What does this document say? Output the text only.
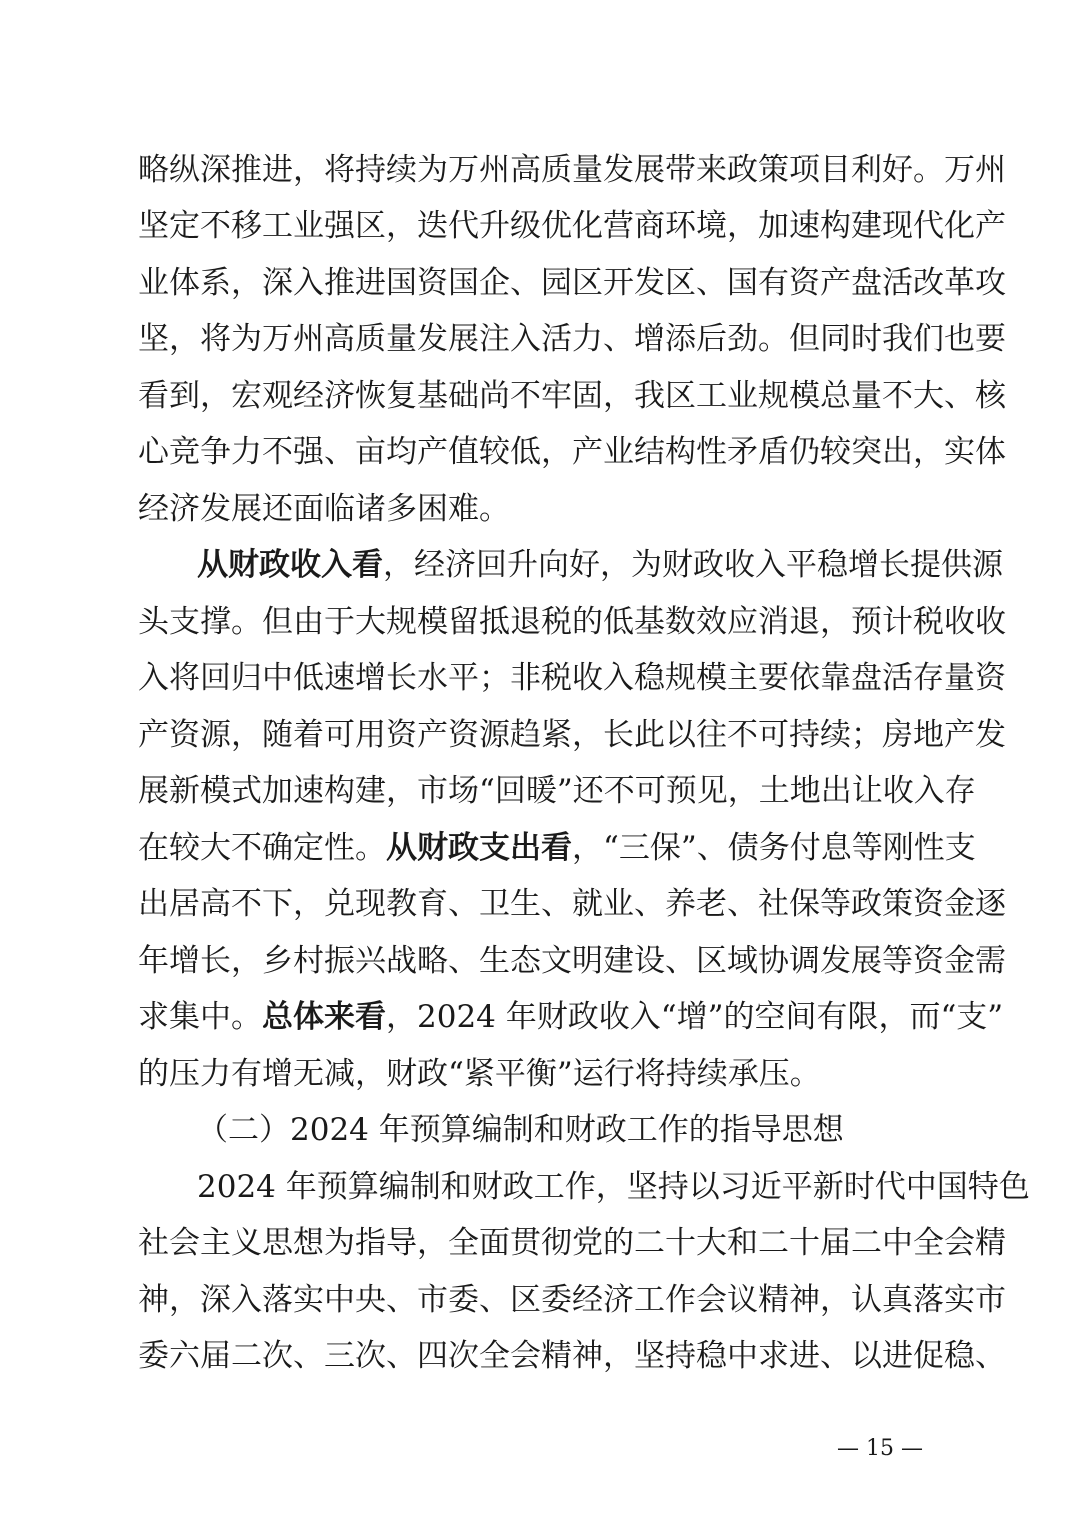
略纵深推进，将持续为万州高质量发展带来政策项目利好。万州
坚定不移工业强区，迭代升级优化营商环境，加速构建现代化产
业体系，深入推进国资国企、园区开发区、国有资产盘活改革攻
坚，将为万州高质量发展注入活力、增添后劲。但同时我们也要
看到，宏观经济恢复基础尚不牢固，我区工业规模总量不大、核
心竞争力不强、亩均产值较低，产业结构性矛盾仍较突出，实体
经济发展还面临诸多困难。
从财政收入看，经济回升向好，为财政收入平稳增长提供源
头支撑。但由于大规模留抵退税的低基数效应消退，预计税收收
入将回归中低速增长水平；非税收入稳规模主要依靠盘活存量资
产资源，随着可用资产资源趋紧，长此以往不可持续；房地产发
展新模式加速构建，市场“回暖”还不可预见，土地出让收入存
在较大不确定性。从财政支出看，“三保”、债务付息等刚性支
出居高不下，兑现教育、卫生、就业、养老、社保等政策资金逐
年增长，乡村振兴战略、生态文明建设、区域协调发展等资金需
求集中。总体来看，2024 年财政收入“增”的空间有限，而“支”
的压力有增无减，财政“紧平衡”运行将持续承压。
（二）2024 年预算编制和财政工作的指导思想
2024 年预算编制和财政工作，坚持以习近平新时代中国特色
社会主义思想为指导，全面贯彻党的二十大和二十届二中全会精
神，深入落实中央、市委、区委经济工作会议精神，认真落实市
委六届二次、三次、四次全会精神，坚持稳中求进、以进促稳、
— 15 —
